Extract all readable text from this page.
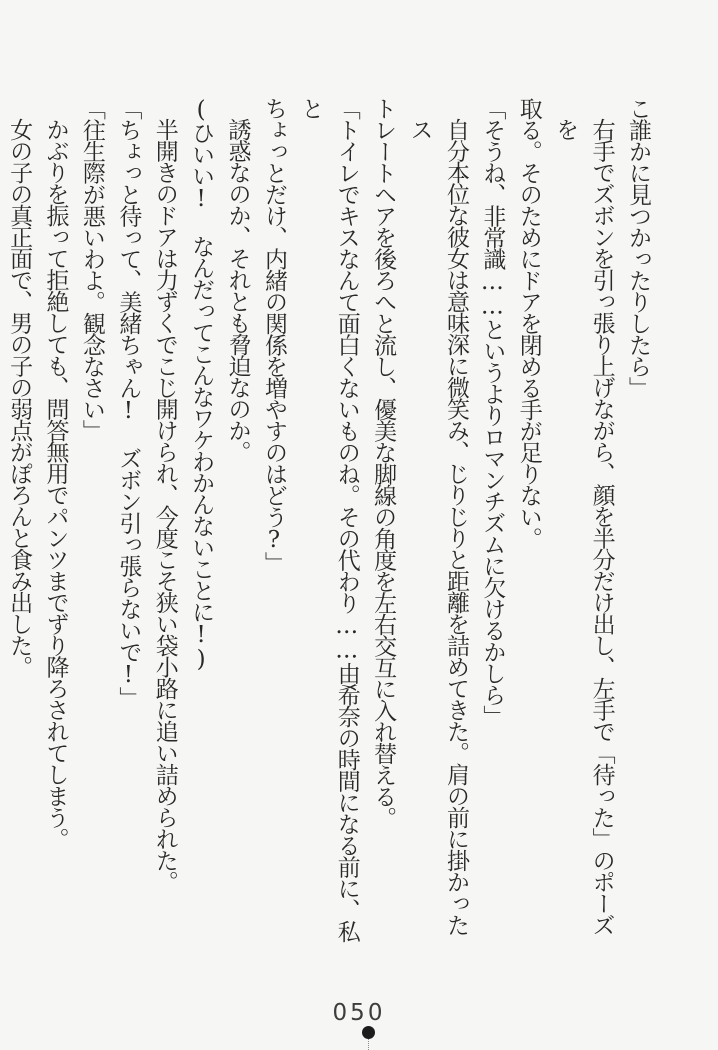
こ誰かに見つかったりしたら」
右手でズボンを引っ張り上げながら、顔を半分だけ出し、左手で「待った」のポーズを
取る。そのためにドアを閉める手が足りない。
「そうね、非常識……というよりロマンチズムに欠けるかしら」
自分本位な彼女は意味深に微笑み、じりじりと距離を詰めてきた。肩の前に掛かったス
トレートヘアを後ろへと流し、優美な脚線の角度を左右交互に入れ替える。
「トイレでキスなんて面白くないものね。その代わり……由希奈の時間になる前に、私と
ちょっとだけ、内緒の関係を増やすのはどう?」
誘惑なのか、それとも脅迫なのか。
(ひいい! なんだってこんなワケわかんないことに!)
半開きのドアは力ずくでこじ開けられ、今度こそ狭い袋小路に追い詰められた。
「ちょっと待って、美緒ちゃん! ズボン引っ張らないで!」
「往生際が悪いわよ。観念なさい」
かぶりを振って拒絶しても、問答無用でパンツまでずり降ろされてしまう。
女の子の真正面で、男の子の弱点がぽろんと食み出した。
050
